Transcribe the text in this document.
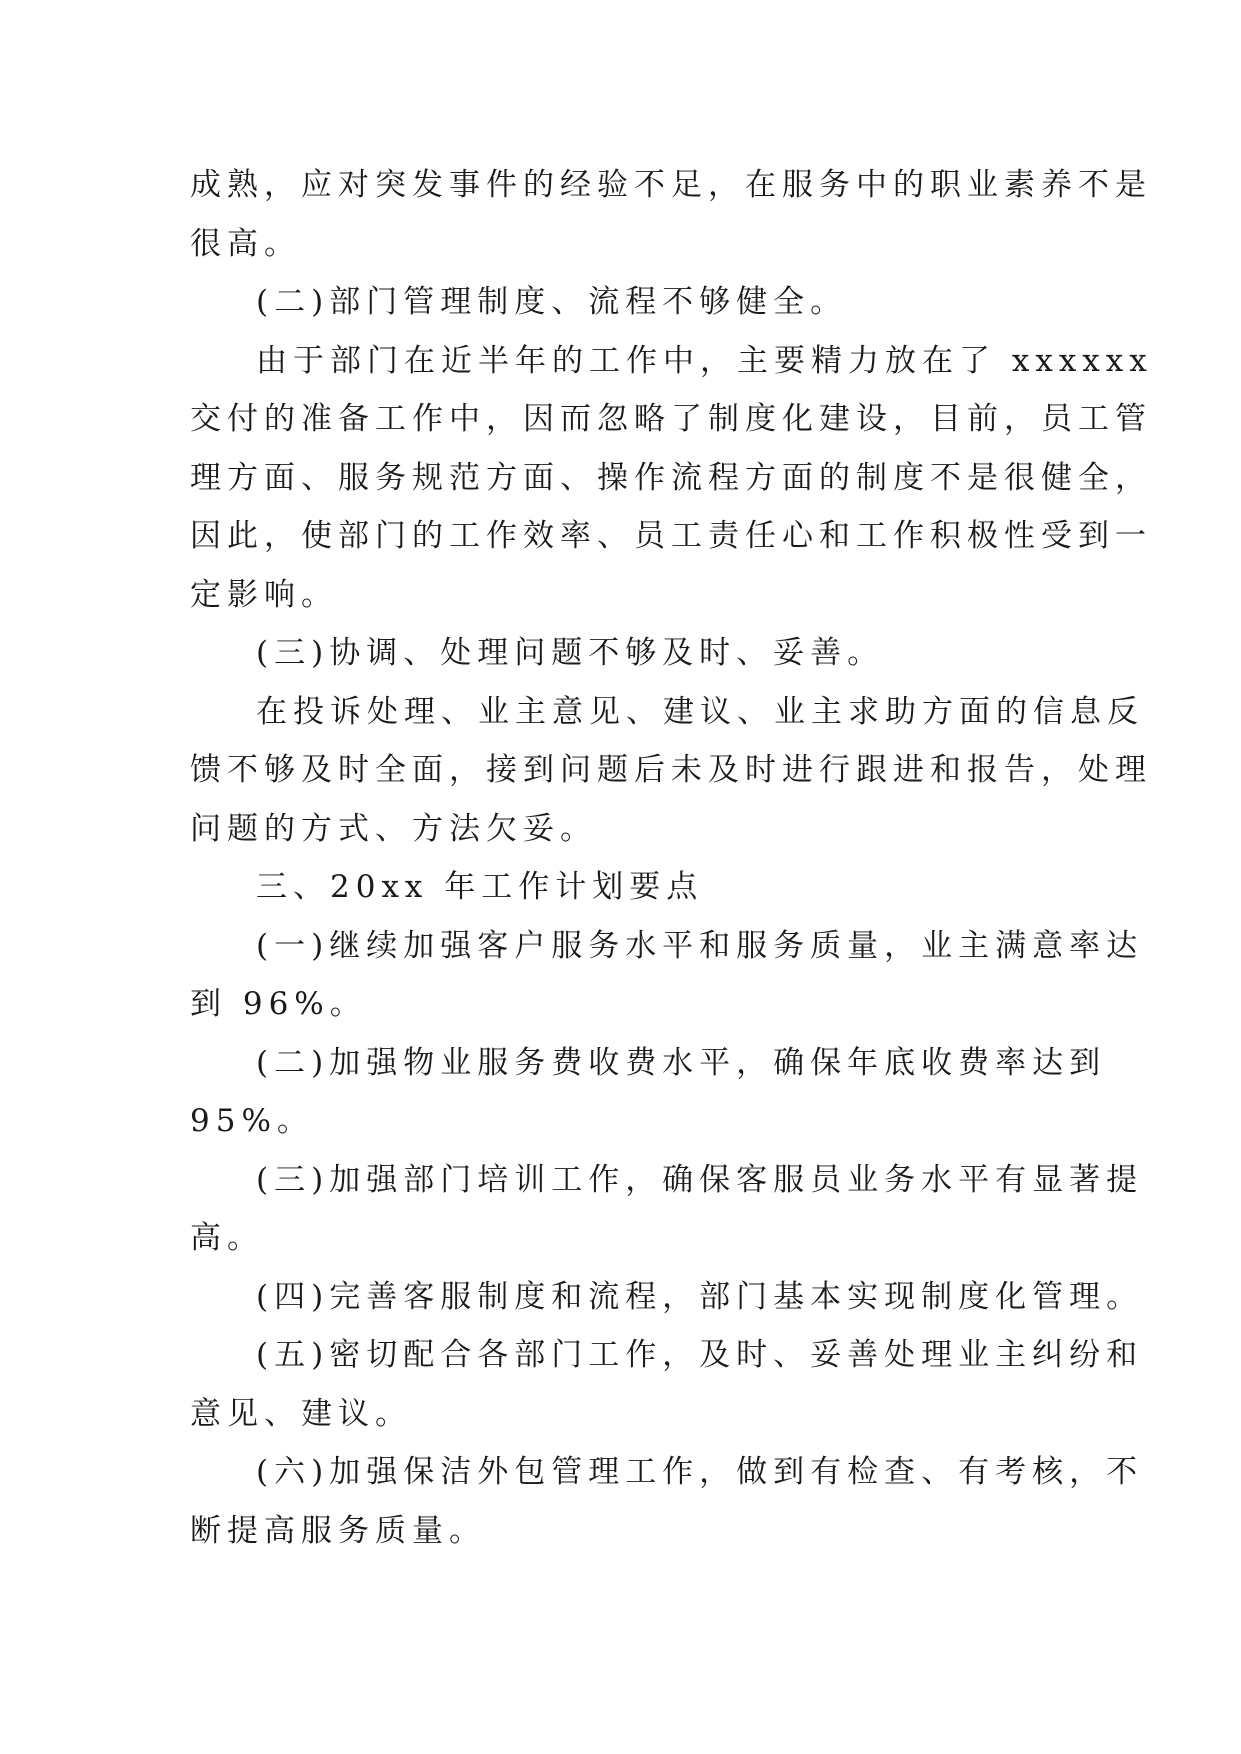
成熟，应对突发事件的经验不足，在服务中的职业素养不是
很高。
(二)部门管理制度、流程不够健全。
由于部门在近半年的工作中，主要精力放在了 xxxxxx
交付的准备工作中，因而忽略了制度化建设，目前，员工管
理方面、服务规范方面、操作流程方面的制度不是很健全，
因此，使部门的工作效率、员工责任心和工作积极性受到一
定影响。
(三)协调、处理问题不够及时、妥善。
在投诉处理、业主意见、建议、业主求助方面的信息反
馈不够及时全面，接到问题后未及时进行跟进和报告，处理
问题的方式、方法欠妥。
三、20xx 年工作计划要点
(一)继续加强客户服务水平和服务质量，业主满意率达
到 96%。
(二)加强物业服务费收费水平，确保年底收费率达到
95%。
(三)加强部门培训工作，确保客服员业务水平有显著提
高。
(四)完善客服制度和流程，部门基本实现制度化管理。
(五)密切配合各部门工作，及时、妥善处理业主纠纷和
意见、建议。
(六)加强保洁外包管理工作，做到有检查、有考核，不
断提高服务质量。
